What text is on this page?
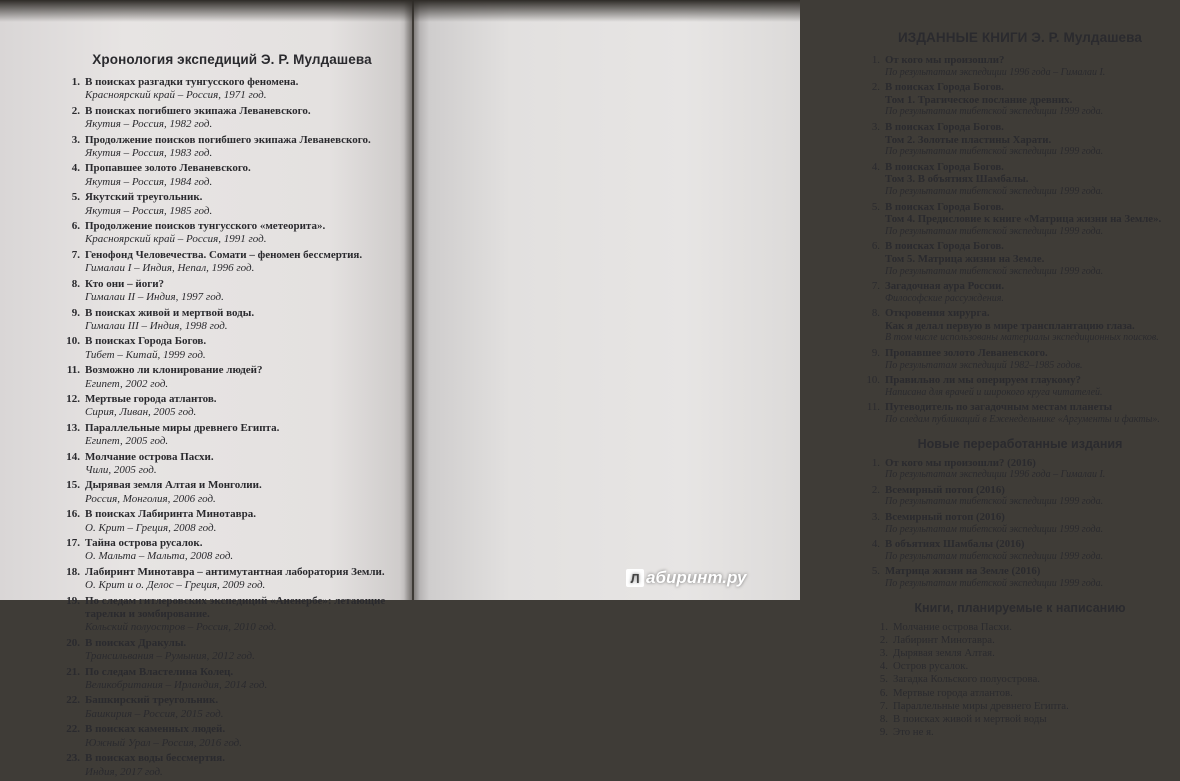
Хронология экспедиций Э. Р. Мулдашева
1. В поисках разгадки тунгусского феномена.
Красноярский край – Россия, 1971 год.
2. В поисках погибшего экипажа Леваневского.
Якутия – Россия, 1982 год.
3. Продолжение поисков погибшего экипажа Леваневского.
Якутия – Россия, 1983 год.
4. Пропавшее золото Леваневского.
Якутия – Россия, 1984 год.
5. Якутский треугольник.
Якутия – Россия, 1985 год.
6. Продолжение поисков тунгусского «метеорита».
Красноярский край – Россия, 1991 год.
7. Генофонд Человечества. Сомати – феномен бессмертия.
Гималаи I – Индия, Непал, 1996 год.
8. Кто они – йоги?
Гималаи II – Индия, 1997 год.
9. В поисках живой и мертвой воды.
Гималаи III – Индия, 1998 год.
10. В поисках Города Богов.
Тибет – Китай, 1999 год.
11. Возможно ли клонирование людей?
Египет, 2002 год.
12. Мертвые города атлантов.
Сирия, Ливан, 2005 год.
13. Параллельные миры древнего Египта.
Египет, 2005 год.
14. Молчание острова Пасхи.
Чили, 2005 год.
15. Дырявая земля Алтая и Монголии.
Россия, Монголия, 2006 год.
16. В поисках Лабиринта Минотавра.
О. Крит – Греция, 2008 год.
17. Тайна острова русалок.
О. Мальта – Мальта, 2008 год.
18. Лабиринт Минотавра – антимутантная лаборатория Земли.
О. Крит и о. Делос – Греция, 2009 год.
19. По следам гитлеровских экспедиций «Аненербе»: летающие тарелки и зомбирование.
Кольский полуостров – Россия, 2010 год.
20. В поисках Дракулы.
Трансильвания – Румыния, 2012 год.
21. По следам Властелина Колец.
Великобритания – Ирландия, 2014 год.
22. Башкирский треугольник.
Башкирия – Россия, 2015 год.
22. В поисках каменных людей.
Южный Урал – Россия, 2016 год.
23. В поисках воды бессмертия.
Индия, 2017 год.
ИЗДАННЫЕ КНИГИ Э. Р. Мулдашева
1. От кого мы произошли?
По результатам экспедиции 1996 года – Гималаи I.
2. В поисках Города Богов.
Том 1. Трагическое послание древних.
По результатам тибетской экспедиции 1999 года.
3. В поисках Города Богов.
Том 2. Золотые пластины Харати.
По результатам тибетской экспедиции 1999 года.
4. В поисках Города Богов.
Том 3. В объятиях Шамбалы.
По результатам тибетской экспедиции 1999 года.
5. В поисках Города Богов.
Том 4. Предисловие к книге «Матрица жизни на Земле».
По результатам тибетской экспедиции 1999 года.
6. В поисках Города Богов.
Том 5. Матрица жизни на Земле.
По результатам тибетской экспедиции 1999 года.
7. Загадочная аура России.
Философские рассуждения.
8. Откровения хирурга.
Как я делал первую в мире трансплантацию глаза.
В том числе использованы материалы экспедиционных поисков.
9. Пропавшее золото Леваневского.
По результатам экспедиций 1982–1985 годов.
10. Правильно ли мы оперируем глаукому?
Написана для врачей и широкого круга читателей.
11. Путеводитель по загадочным местам планеты
По следам публикаций в Еженедельнике «Аргументы и факты».
Новые переработанные издания
1. От кого мы произошли? (2016)
По результатам экспедиции 1996 года – Гималаи I.
2. Всемирный потоп (2016)
По результатам тибетской экспедиции 1999 года.
3. Всемирный потоп (2016)
По результатам тибетской экспедиции 1999 года.
4. В объятиях Шамбалы (2016)
По результатам тибетской экспедиции 1999 года.
5. Матрица жизни на Земле (2016)
По результатам тибетской экспедиции 1999 года.
Книги, планируемые к написанию
1. Молчание острова Пасхи.
2. Лабиринт Минотавра.
3. Дырявая земля Алтая.
4. Остров русалок.
5. Загадка Кольского полуострова.
6. Мертвые города атлантов.
7. Параллельные миры древнего Египта.
8. В поисках живой и мертвой воды
9. Это не я.
Л абиринт.ру
